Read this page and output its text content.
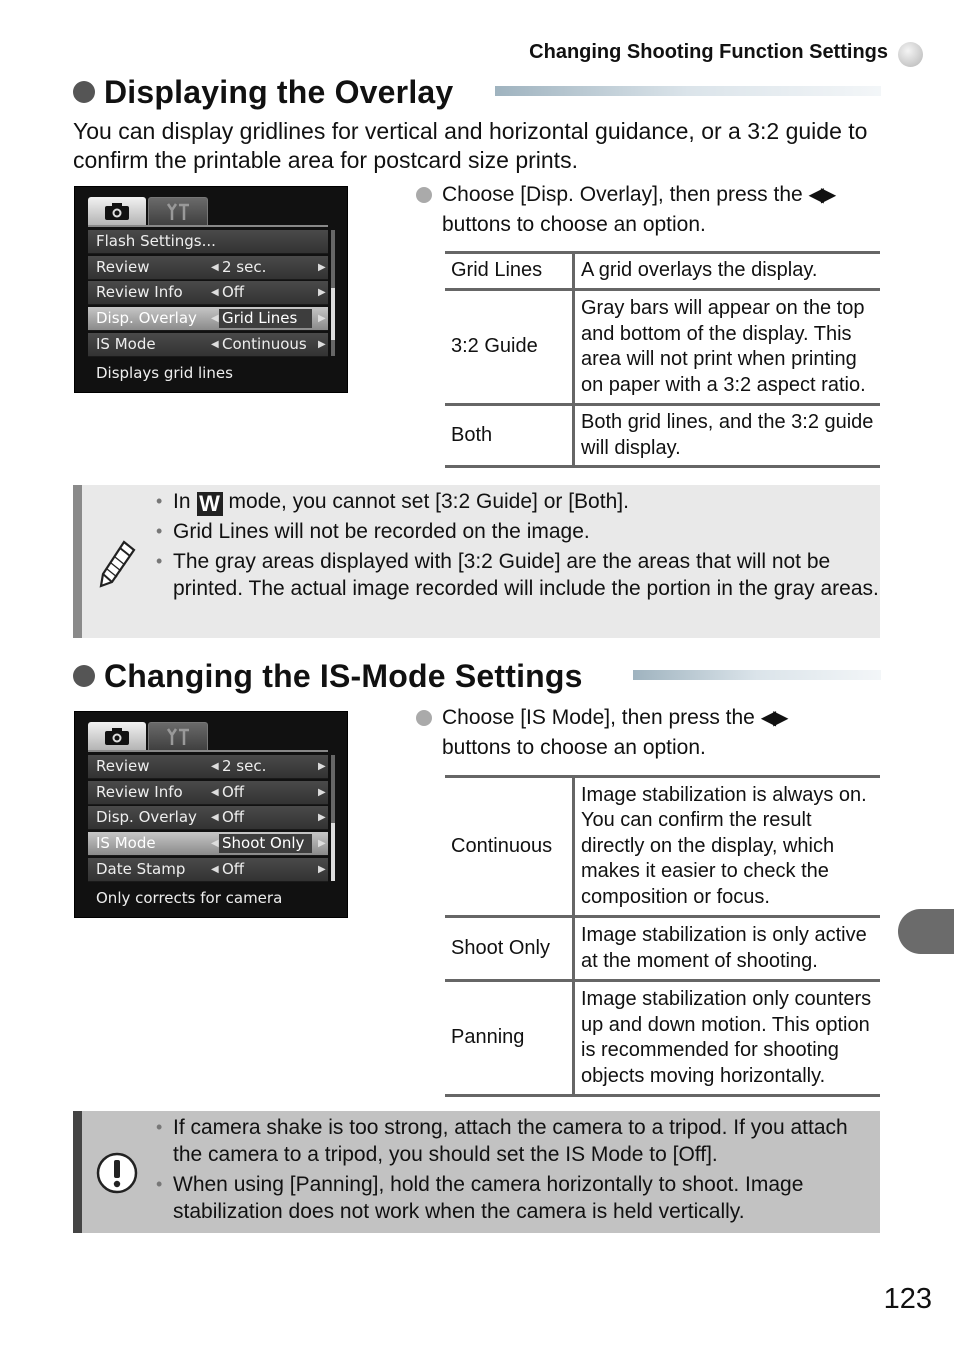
Changing Shooting Function Settings
Displaying the Overlay
You can display gridlines for vertical and horizontal guidance, or a 3:2 guide to confirm the printable area for postcard size prints.
Flash Settings...
Review	◀ 2 sec.	▶
Review Info	◀ Off	▶
Disp. Overlay ◀ Grid Lines ▶
IS Mode	◀ Continuous ▶
Displays grid lines
Choose [Disp. Overlay], then press the ◀▶
buttons to choose an option.
Grid Lines	A grid overlays the display.
3:2 Guide	Gray bars will appear on the top and bottom of the display. This area will not print when printing on paper with a 3:2 aspect ratio.
Both	Both grid lines, and the 3:2 guide will display.
• In W mode, you cannot set [3:2 Guide] or [Both].
• Grid Lines will not be recorded on the image.
• The gray areas displayed with [3:2 Guide] are the areas that will not be printed. The actual image recorded will include the portion in the gray areas.
Changing the IS-Mode Settings
Review	◀ 2 sec.	▶
Review Info	◀ Off	▶
Disp. Overlay ◀ Off	▶
IS Mode	◀ Shoot Only ▶
Date Stamp	◀ Off	▶
Only corrects for camera
Choose [IS Mode], then press the ◀▶
buttons to choose an option.
Continuous	Image stabilization is always on. You can confirm the result directly on the display, which makes it easier to check the composition or focus.
Shoot Only	Image stabilization is only active at the moment of shooting.
Panning	Image stabilization only counters up and down motion. This option is recommended for shooting objects moving horizontally.
• If camera shake is too strong, attach the camera to a tripod. If you attach the camera to a tripod, you should set the IS Mode to [Off].
• When using [Panning], hold the camera horizontally to shoot. Image stabilization does not work when the camera is held vertically.
123
